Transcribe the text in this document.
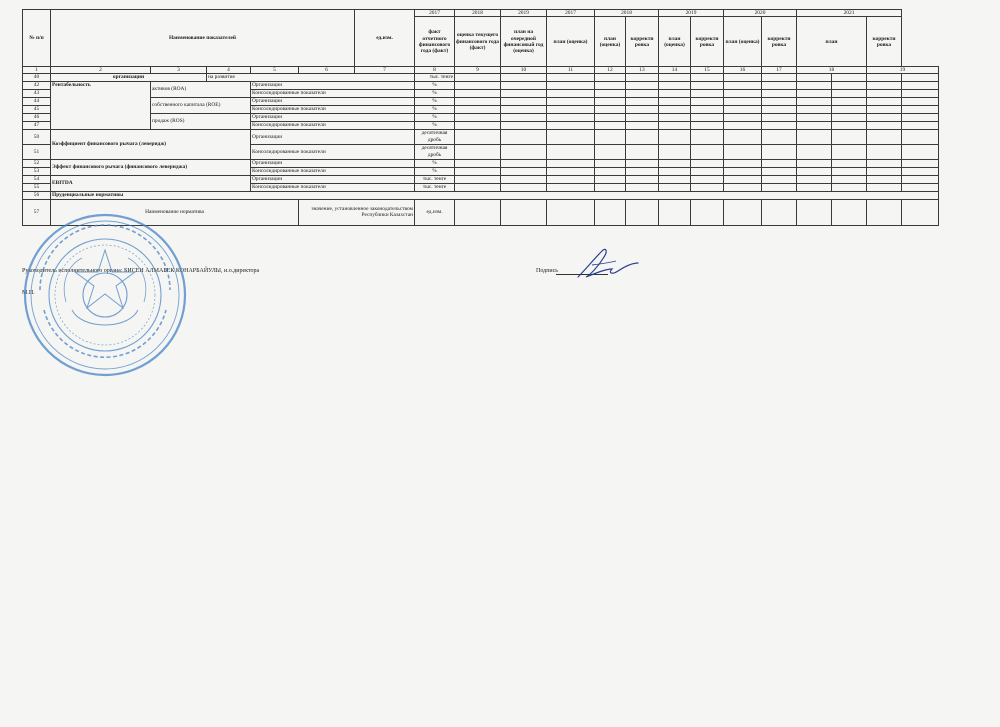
№ п/п	Наименование показателей					ед.изм.	2017	2018	2019	2017	2018		2019		2020		2021			
							факт отчетного финансового года (факт)	оценка текущего финансового года (факт)	план на очередной финансовый год (оценка)	план (оценка)	план (оценка)	корректи ровка	план (оценка)	корректи ровка	план (оценка)	корректи ровка	план		корректи ровка	
1	2	3	4	5	6	7	8	9	10	11	12	13	14	15	16	17	18		19	
40	организации		на развитие				тыс. тенге													
42	Рентабельность	активов (ROA)		Организации			%													
43				Консолидированные показатели			%													
44		собственного капитала (ROE)		Организации			%													
45				Консолидированные показатели			%													
46		продаж (ROS)		Организации			%													
47				Консолидированные показатели			%													
50	Коэффициент финансового рычага (леверидж)			Организации			десятичная дробь													
51				Консолидированные показатели			десятичная дробь													
52	Эффект финансового рычага (финансового левериджа)			Организации			%													
53				Консолидированные показатели			%													
54	EBITDA			Организации			тыс. тенге													
55				Консолидированные показатели			тыс. тенге													
56	Пруденциальные нормативы																			
57	Наименование норматива				значение, установленное законодательством Республики Казахстан		ед.изм.													
Руководитель исполнительного органа: БИСЕН АЛМАБЕК КОНАРБАЙУЛЫ, и.о.директора	Подпись
М.П.
